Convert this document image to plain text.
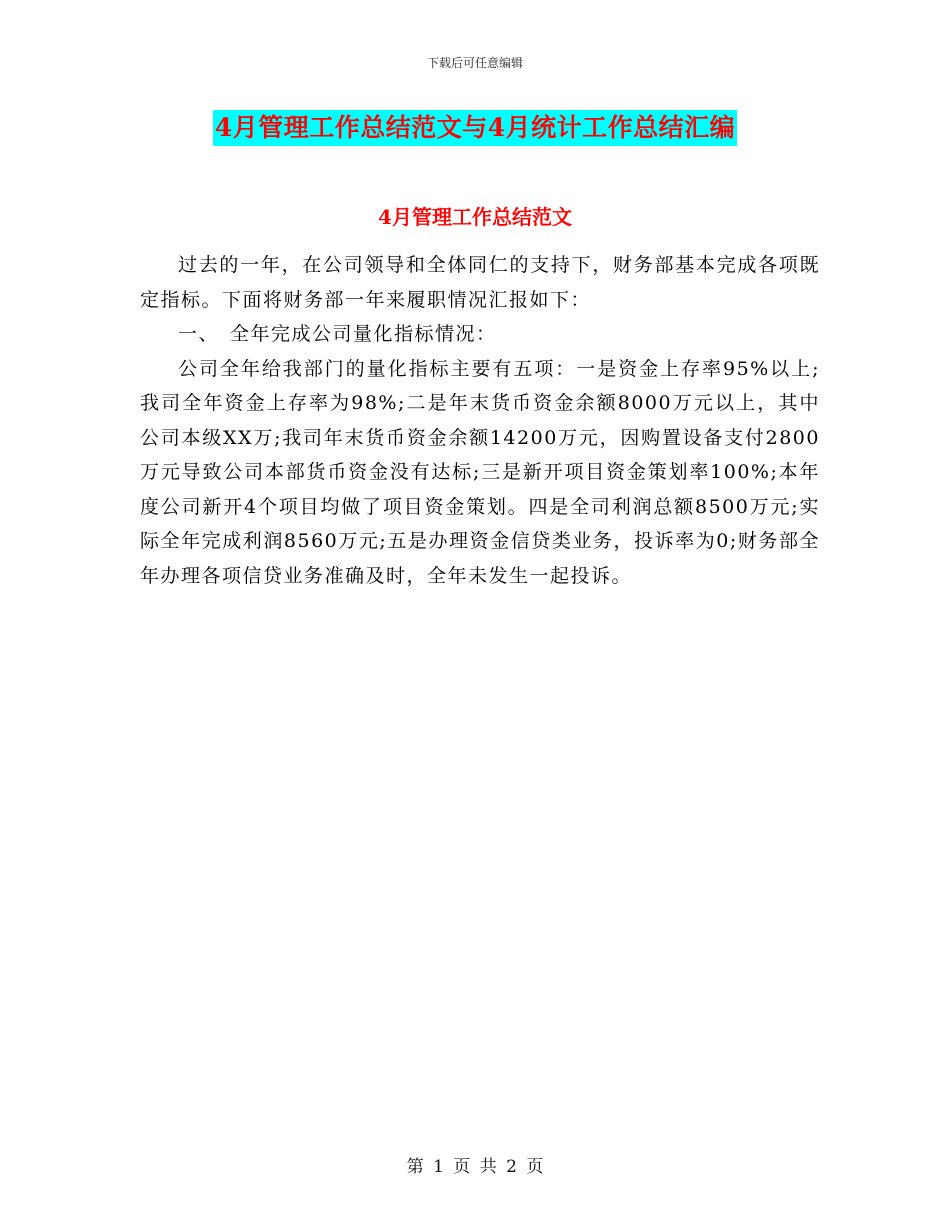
下载后可任意编辑
4月管理工作总结范文与4月统计工作总结汇编
4月管理工作总结范文

过去的一年，在公司领导和全体同仁的支持下，财务部基本完成各项既定指标。下面将财务部一年来履职情况汇报如下：

一、　全年完成公司量化指标情况：

公司全年给我部门的量化指标主要有五项：一是资金上存率95%以上;我司全年资金上存率为98%;二是年末货币资金余额8000万元以上，其中公司本级XX万;我司年末货币资金余额14200万元，因购置设备支付2800万元导致公司本部货币资金没有达标;三是新开项目资金策划率100%;本年度公司新开4个项目均做了项目资金策划。四是全司利润总额8500万元;实际全年完成利润8560万元;五是办理资金信贷类业务，投诉率为0;财务部全年办理各项信贷业务准确及时，全年未发生一起投诉。

第 1 页 共 2 页
